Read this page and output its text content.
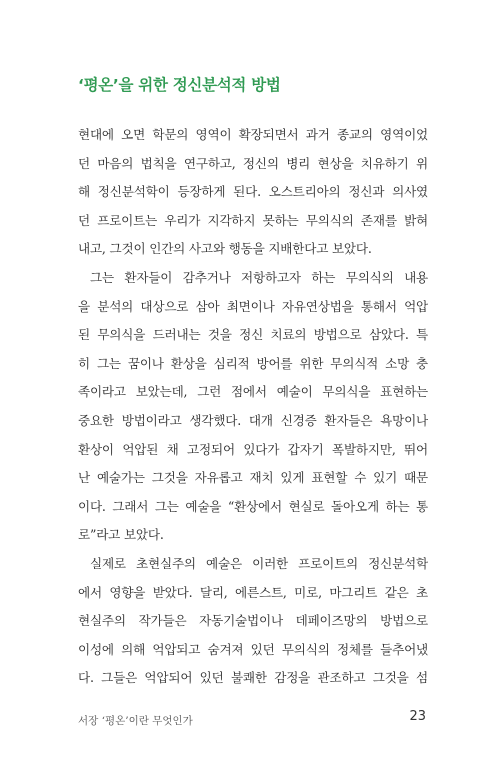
‘평온’을 위한 정신분석적 방법
현대에 오면 학문의 영역이 확장되면서 과거 종교의 영역이었
던 마음의 법칙을 연구하고, 정신의 병리 현상을 치유하기 위
해 정신분석학이 등장하게 된다. 오스트리아의 정신과 의사였
던 프로이트는 우리가 지각하지 못하는 무의식의 존재를 밝혀
내고, 그것이 인간의 사고와 행동을 지배한다고 보았다.
그는 환자들이 감추거나 저항하고자 하는 무의식의 내용
을 분석의 대상으로 삼아 최면이나 자유연상법을 통해서 억압
된 무의식을 드러내는 것을 정신 치료의 방법으로 삼았다. 특
히 그는 꿈이나 환상을 심리적 방어를 위한 무의식적 소망 충
족이라고 보았는데, 그런 점에서 예술이 무의식을 표현하는
중요한 방법이라고 생각했다. 대개 신경증 환자들은 욕망이나
환상이 억압된 채 고정되어 있다가 갑자기 폭발하지만, 뛰어
난 예술가는 그것을 자유롭고 재치 있게 표현할 수 있기 때문
이다. 그래서 그는 예술을 “환상에서 현실로 돌아오게 하는 통
로”라고 보았다.
실제로 초현실주의 예술은 이러한 프로이트의 정신분석학
에서 영향을 받았다. 달리, 에른스트, 미로, 마그리트 같은 초
현실주의 작가들은 자동기술법이나 데페이즈망의 방법으로
이성에 의해 억압되고 숨겨져 있던 무의식의 정체를 들추어냈
다. 그들은 억압되어 있던 불쾌한 감정을 관조하고 그것을 섬
서장 ‘평온’이란 무엇인가	23
